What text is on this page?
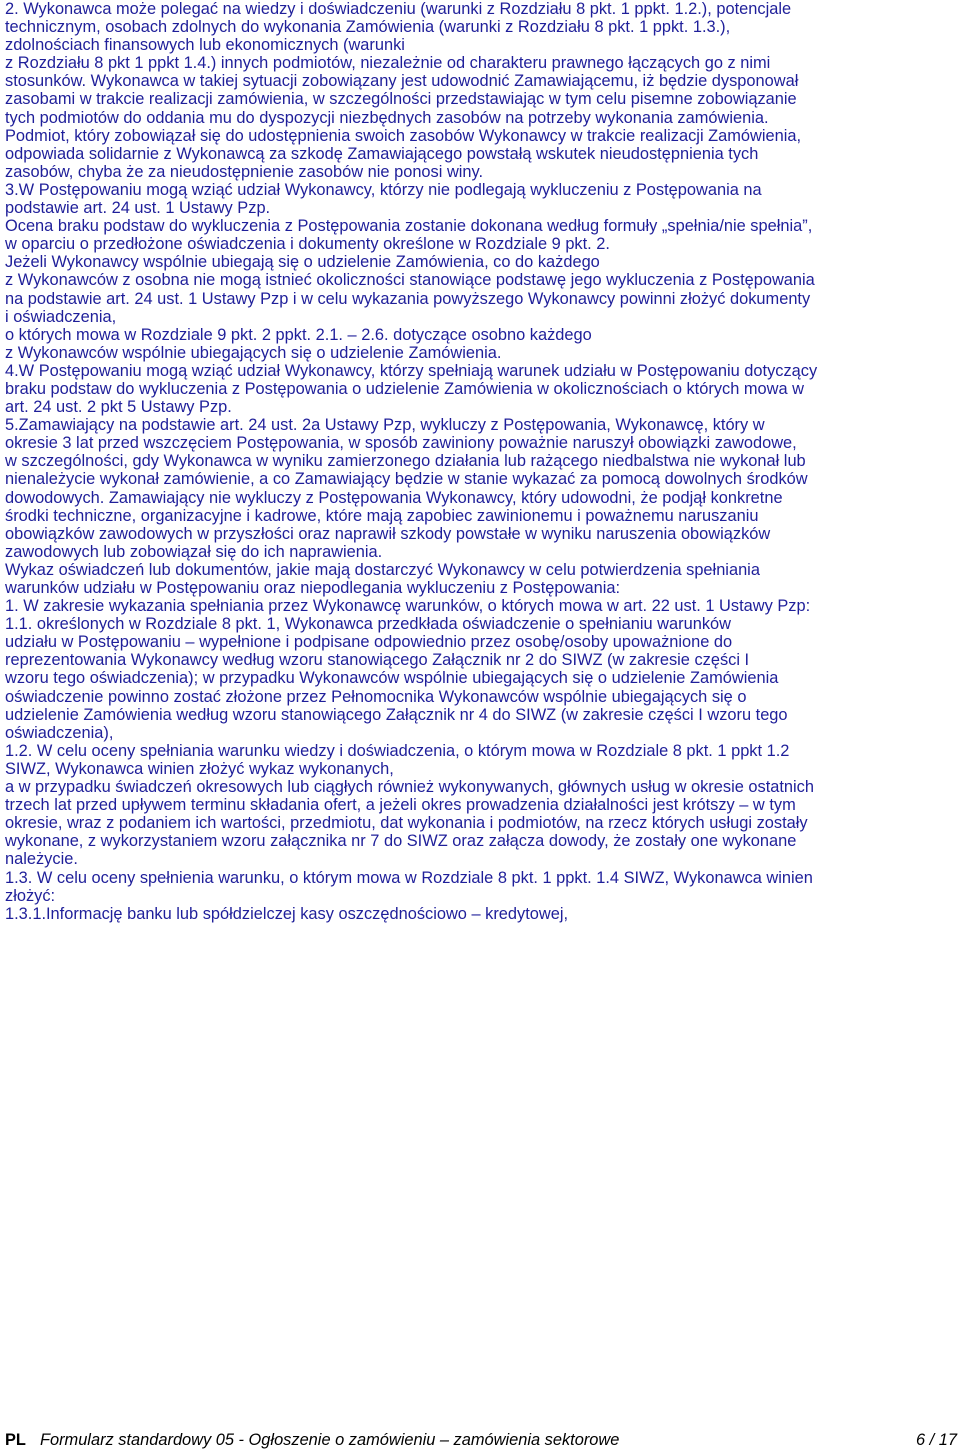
2. Wykonawca może polegać na wiedzy i doświadczeniu (warunki z Rozdziału 8 pkt. 1 ppkt. 1.2.), potencjale
technicznym, osobach zdolnych do wykonania Zamówienia (warunki z Rozdziału 8 pkt. 1 ppkt. 1.3.),
zdolnościach finansowych lub ekonomicznych (warunki
z Rozdziału 8 pkt 1 ppkt 1.4.) innych podmiotów, niezależnie od charakteru prawnego łączących go z nimi
stosunków. Wykonawca w takiej sytuacji zobowiązany jest udowodnić Zamawiającemu, iż będzie dysponował
zasobami w trakcie realizacji zamówienia, w szczególności przedstawiając w tym celu pisemne zobowiązanie
tych podmiotów do oddania mu do dyspozycji niezbędnych zasobów na potrzeby wykonania zamówienia.
Podmiot, który zobowiązał się do udostępnienia swoich zasobów Wykonawcy w trakcie realizacji Zamówienia,
odpowiada solidarnie z Wykonawcą za szkodę Zamawiającego powstałą wskutek nieudostępnienia tych
zasobów, chyba że za nieudostępnienie zasobów nie ponosi winy.
3.W Postępowaniu mogą wziąć udział Wykonawcy, którzy nie podlegają wykluczeniu z Postępowania na
podstawie art. 24 ust. 1 Ustawy Pzp.
Ocena braku podstaw do wykluczenia z Postępowania zostanie dokonana według formuły „spełnia/nie spełnia”,
w oparciu o przedłożone oświadczenia i dokumenty określone w Rozdziale 9 pkt. 2.
Jeżeli Wykonawcy wspólnie ubiegają się o udzielenie Zamówienia, co do każdego
z Wykonawców z osobna nie mogą istnieć okoliczności stanowiące podstawę jego wykluczenia z Postępowania
na podstawie art. 24 ust. 1 Ustawy Pzp i w celu wykazania powyższego Wykonawcy powinni złożyć dokumenty
i oświadczenia,
o których mowa w Rozdziale 9 pkt. 2 ppkt. 2.1. – 2.6. dotyczące osobno każdego
z Wykonawców wspólnie ubiegających się o udzielenie Zamówienia.
4.W Postępowaniu mogą wziąć udział Wykonawcy, którzy spełniają warunek udziału w Postępowaniu dotyczący
braku podstaw do wykluczenia z Postępowania o udzielenie Zamówienia w okolicznościach o których mowa w
art. 24 ust. 2 pkt 5 Ustawy Pzp.
5.Zamawiający na podstawie art. 24 ust. 2a Ustawy Pzp, wykluczy z Postępowania, Wykonawcę, który w
okresie 3 lat przed wszczęciem Postępowania, w sposób zawiniony poważnie naruszył obowiązki zawodowe,
w szczególności, gdy Wykonawca w wyniku zamierzonego działania lub rażącego niedbalstwa nie wykonał lub
nienależycie wykonał zamówienie, a co Zamawiający będzie w stanie wykazać za pomocą dowolnych środków
dowodowych. Zamawiający nie wykluczy z Postępowania Wykonawcy, który udowodni, że podjął konkretne
środki techniczne, organizacyjne i kadrowe, które mają zapobiec zawinionemu i poważnemu naruszaniu
obowiązków zawodowych w przyszłości oraz naprawił szkody powstałe w wyniku naruszenia obowiązków
zawodowych lub zobowiązał się do ich naprawienia.
Wykaz oświadczeń lub dokumentów, jakie mają dostarczyć Wykonawcy w celu potwierdzenia spełniania
warunków udziału w Postępowaniu oraz niepodlegania wykluczeniu z Postępowania:
1. W zakresie wykazania spełniania przez Wykonawcę warunków, o których mowa w art. 22 ust. 1 Ustawy Pzp:
1.1. określonych w Rozdziale 8 pkt. 1, Wykonawca przedkłada oświadczenie o spełnianiu warunków
udziału w Postępowaniu – wypełnione i podpisane odpowiednio przez osobę/osoby upoważnione do
reprezentowania Wykonawcy według wzoru stanowiącego Załącznik nr 2 do SIWZ (w zakresie części I
wzoru tego oświadczenia); w przypadku Wykonawców wspólnie ubiegających się o udzielenie Zamówienia
oświadczenie powinno zostać złożone przez Pełnomocnika Wykonawców wspólnie ubiegających się o
udzielenie Zamówienia według wzoru stanowiącego Załącznik nr 4 do SIWZ (w zakresie części I wzoru tego
oświadczenia),
1.2. W celu oceny spełniania warunku wiedzy i doświadczenia, o którym mowa w Rozdziale 8 pkt. 1 ppkt 1.2
SIWZ, Wykonawca winien złożyć wykaz wykonanych,
a w przypadku świadczeń okresowych lub ciągłych również wykonywanych, głównych usług w okresie ostatnich
trzech lat przed upływem terminu składania ofert, a jeżeli okres prowadzenia działalności jest krótszy – w tym
okresie, wraz z podaniem ich wartości, przedmiotu, dat wykonania i podmiotów, na rzecz których usługi zostały
wykonane, z wykorzystaniem wzoru załącznika nr 7 do SIWZ oraz załącza dowody, że zostały one wykonane
należycie.
1.3. W celu oceny spełnienia warunku, o którym mowa w Rozdziale 8 pkt. 1 ppkt. 1.4 SIWZ, Wykonawca winien
złożyć:
1.3.1.Informację banku lub spółdzielczej kasy oszczędnościowo – kredytowej,
PL Formularz standardowy 05 - Ogłoszenie o zamówieniu – zamówienia sektorowe	6 / 17
